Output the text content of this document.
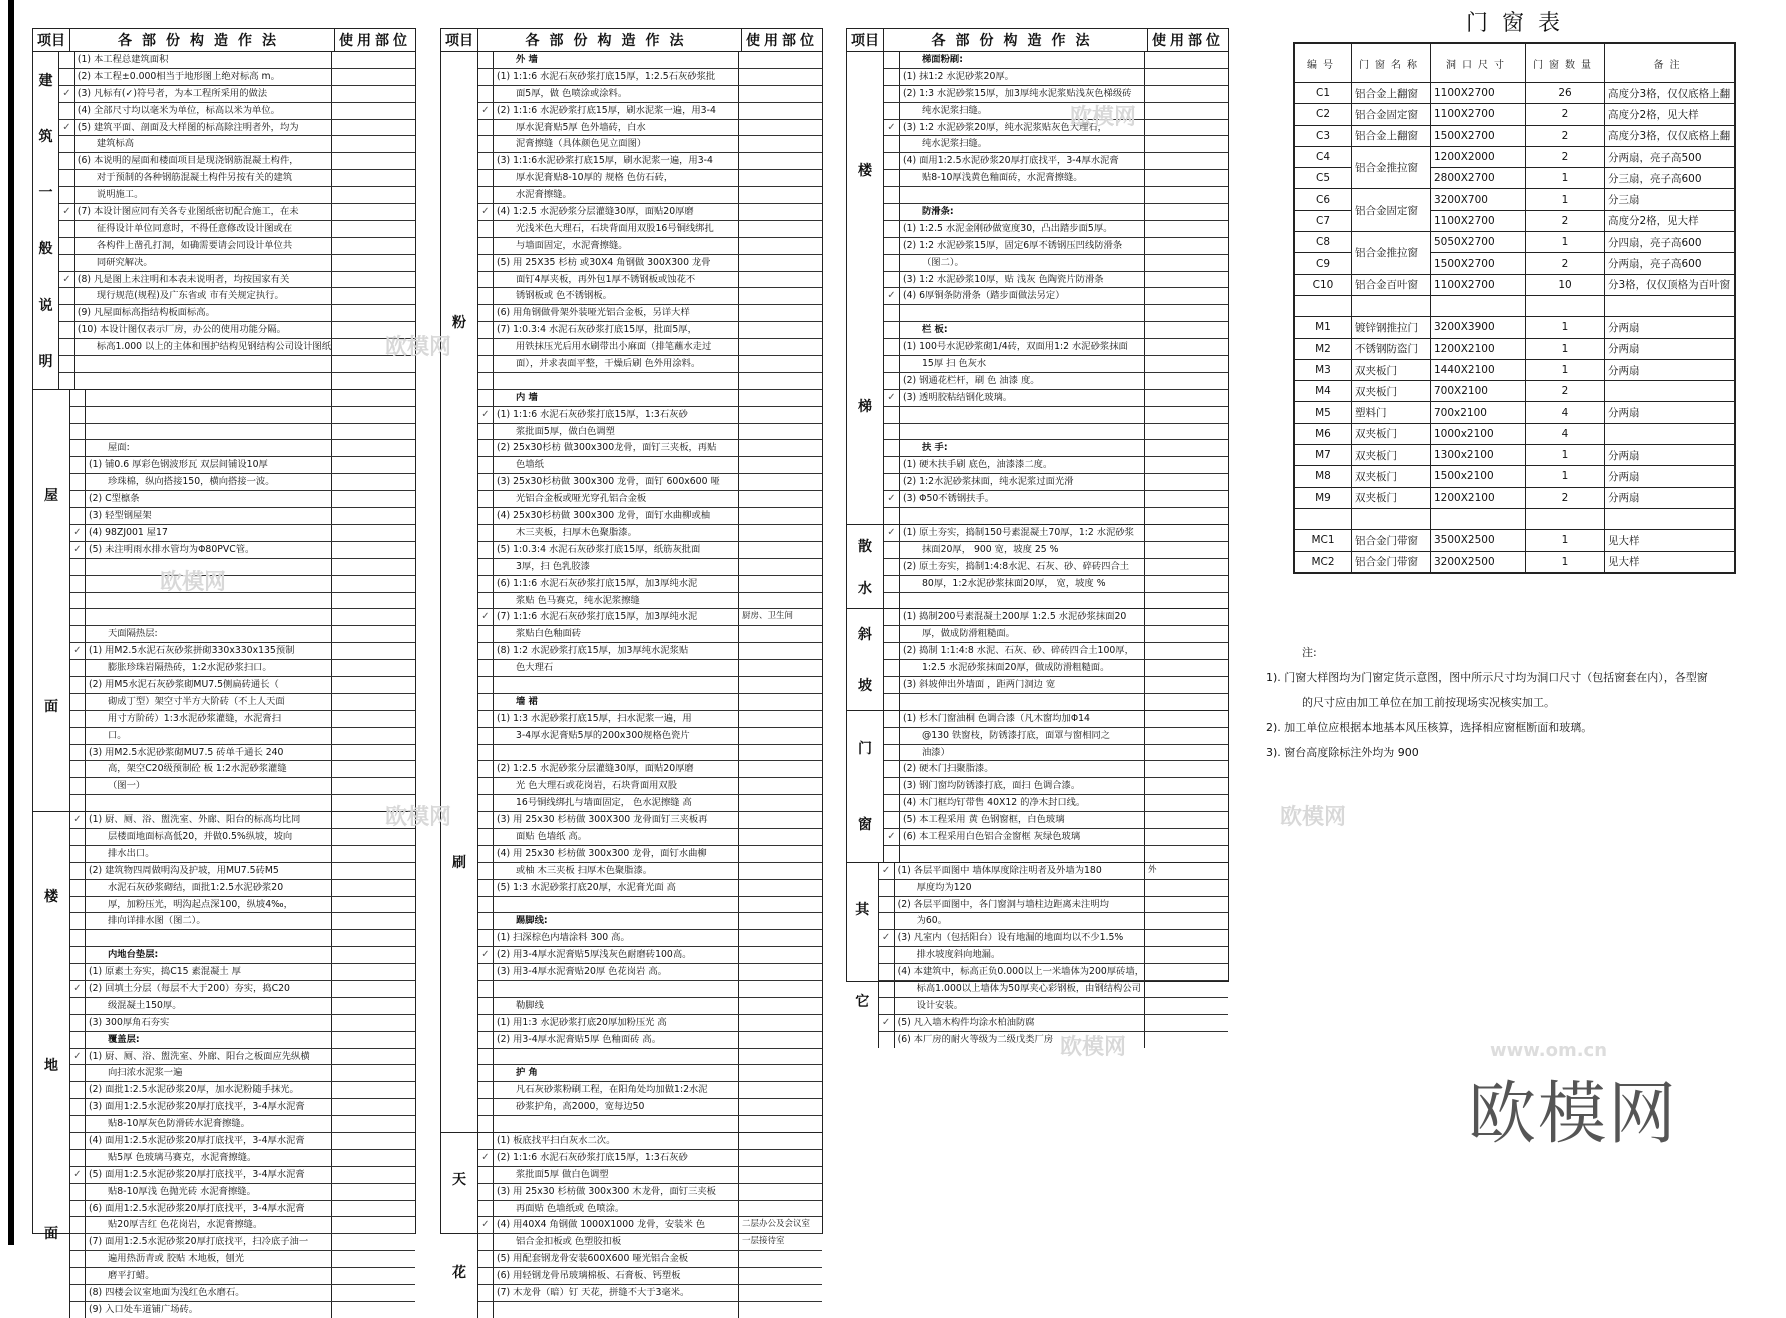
项目	各部份构造作法	使用部位
建
筑
一
般
说
明
(1) 本工程总建筑面积
(2) 本工程±0.000相当于地形图上绝对标高 m。
✓ (3) 凡标有(✓)符号者，为本工程所采用的做法
(4) 全部尺寸均以毫米为单位，标高以米为单位。
✓ (5) 建筑平面、剖面及大样图的标高除注明者外，均为
建筑标高
(6) 本说明的屋面和楼面项目是现浇钢筋混凝土构件，
对于预制的各种钢筋混凝土构件另按有关的建筑
说明施工。
✓ (7) 本设计图应同有关各专业图纸密切配合施工，在未
征得设计单位同意时，不得任意修改设计图或在
各构件上凿孔打洞，如确需要请会同设计单位共
同研究解决。
✓ (8) 凡是图上未注明和本表未说明者，均按国家有关
现行规范(规程)及广东省或 市有关规定执行。
(9) 凡屋面标高指结构板面标高。
(10) 本设计图仅表示厂房，办公的使用功能分隔。
标高1.000 以上的主体和围护结构见钢结构公司设计图纸
屋
面
屋面:
(1) 铺0.6 厚彩色钢波形瓦 双层间铺设10厚
珍珠棉，纵向搭接150，横向搭接一波。
(2) C型檩条
(3) 轻型钢屋架
✓ (4) 98ZJ001 屋17
✓ (5) 未注明雨水排水管均为Φ80PVC管。
天面隔热层:
✓ (1) 用M2.5水泥石灰砂浆拼砌330x330x135预制
膨胀珍珠岩隔热砖，1:2水泥砂浆扫口。
(2) 用M5水泥石灰砂浆砌MU7.5侧扁砖通长（
砌成丁型）架空寸半方大阶砖（不上人天面
用寸方阶砖）1:3水泥砂浆灌缝，水泥膏扫
口。
(3) 用M2.5水泥砂浆砌MU7.5 砖单千通长 240
高，架空C20级预制砼 板 1:2水泥砂浆灌缝
（图一）
楼
地
面
✓ (1) 厨、厕、浴、盥洗室、外廊、阳台的标高均比同
层楼面地面标高低20，并做0.5%纵坡，坡向
排水出口。
(2) 建筑物四周做明沟及护坡，用MU7.5砖M5
水泥石灰砂浆砌结，面批1:2.5水泥砂浆20
厚，加粉压光，明沟起点深100，纵坡4‰，
排向详排水图（图二）。
内地台垫层:
(1) 原素土夯实，捣C15 素混凝土 厚
✓ (2) 回填土分层（每层不大于200）夯实，捣C20
级混凝土150厚。
(3) 300厚角石夯实
覆盖层:
✓ (1) 厨、厕、浴、盥洗室、外廊、阳台之板面应先纵横
向扫浓水泥浆一遍
(2) 面批1:2.5水泥砂浆20厚，加水泥粉随手抹光。
(3) 面用1:2.5水泥砂浆20厚打底找平，3-4厚水泥膏
贴8-10厚灰色防滑砖水泥膏擦缝。
(4) 面用1:2.5水泥砂浆20厚打底找平，3-4厚水泥膏
贴5厚 色玻璃马赛克，水泥膏擦缝。
✓ (5) 面用1:2.5水泥砂浆20厚打底找平，3-4厚水泥膏
贴8-10厚浅 色抛光砖 水泥膏擦缝。
(6) 面用1:2.5水泥砂浆20厚打底找平，3-4厚水泥膏
贴20厚吉红 色花岗岩，水泥膏擦缝。
(7) 面用1:2.5水泥砂浆20厚打底找平，扫冷底子油一
遍用热沥青或 胶贴 木地板，刨光
磨平打蜡。
(8) 四楼会议室地面为浅红色水磨石。
(9) 入口处车道铺广场砖。
项目	各部份构造作法	使用部位
粉
刷
外 墙
(1) 1:1:6 水泥石灰砂浆打底15厚，1:2.5石灰砂浆批
面5厚，做 色喷涂或涂料。
✓ (2) 1:1:6 水泥砂浆打底15厚，刷水泥浆一遍，用3-4
厚水泥膏贴5厚 色外墙砖，白水
泥膏擦缝（具体颜色见立面图）
(3) 1:1:6水泥砂浆打底15厚，刷水泥浆一遍，用3-4
厚水泥膏贴8-10厚的 规格 色仿石砖，
水泥膏擦缝。
✓ (4) 1:2.5 水泥砂浆分层灌缝30厚，面贴20厚磨
光浅米色大理石，石块背面用双股16号铜线绑扎
与墙面固定，水泥膏擦缝。
(5) 用 25X35 杉枋 或30X4 角钢做 300X300 龙骨
面钉4厚夹板，再外包1厚不锈钢板或蚀花不
锈钢板或 色不锈钢板。
(6) 用角钢做骨架外装哑光铝合金板，另详大样
(7) 1:0.3:4 水泥石灰砂浆打底15厚，批面5厚，
用铁抹压光后用水刷带出小麻面（排笔蘸水走过
面），并求表面平整，干燥后刷 色外用涂料。
内 墙
✓ (1) 1:1:6 水泥石灰砂浆打底15厚，1:3石灰砂
浆批面5厚，做白色调塑
(2) 25x30杉枋 做300x300龙骨，面钉三夹板，再贴
色墙纸
(3) 25x30杉枋做 300x300 龙骨，面钉 600x600 哑
光铝合金板或哑光穿孔铝合金板
(4) 25x30杉枋做 300x300 龙骨，面钉水曲柳或柚
木三夹板，扫厚木色聚脂漆。
(5) 1:0.3:4 水泥石灰砂浆打底15厚，纸筋灰批面
3厚，扫 色乳胶漆
(6) 1:1:6 水泥石灰砂浆打底15厚，加3厚纯水泥
浆贴 色马赛克，纯水泥浆擦缝
✓ (7) 1:1:6 水泥石灰砂浆打底15厚，加3厚纯水泥	厨房、卫生间
浆贴白色釉面砖
(8) 1:2 水泥砂浆打底15厚，加3厚纯水泥浆贴
色大理石
墙 裙
(1) 1:3 水泥砂浆打底15厚，扫水泥浆一遍，用
3-4厚水泥膏贴5厚的200x300规格色瓷片
(2) 1:2.5 水泥砂浆分层灌缝30厚，面贴20厚磨
光 色大理石或花岗岩，石块背面用双股
16号铜线绑扎与墙面固定， 色水泥擦缝 高
(3) 用 25x30 杉枋做 300X300 龙骨面钉三夹板再
面贴 色墙纸 高。
(4) 用 25x30 杉枋做 300x300 龙骨，面钉水曲柳
或柚 木三夹板 扫厚木色聚脂漆。
(5) 1:3 水泥砂浆打底20厚，水泥膏光面 高
踢脚线:
(1) 扫深棕色内墙涂料 300 高。
✓ (2) 用3-4厚水泥膏贴5厚浅灰色耐磨砖100高。
(3) 用3-4厚水泥膏贴20厚 色花岗岩 高。
勒脚线
(1) 用1:3 水泥砂浆打底20厚加粉压光 高
(2) 用3-4厚水泥膏贴5厚 色釉面砖 高。
护 角
凡石灰砂浆粉刷工程，在阳角处均加做1:2水泥
砂浆护角，高2000，宽每边50
天
花
(1) 板底找平扫白灰水二次。
✓ (2) 1:1:6 水泥石灰砂浆打底15厚，1:3石灰砂
浆批面5厚 做白色调塑
(3) 用 25x30 杉枋做 300x300 木龙骨，面钉三夹板
再面贴 色墙纸或 色喷涂。
✓ (4) 用40X4 角钢做 1000X1000 龙骨，安装米 色	二层办公及会议室
铝合金扣板或 色塑胶扣板	一层接待室
(5) 用配套钢龙骨安装600X600 哑光铝合金板
(6) 用轻钢龙骨吊玻璃棉板、石膏板、钙塑板
(7) 木龙骨（暗）钉 天花，拼缝不大于3毫米。
项目	各部份构造作法	使用部位
楼
梯
梯面粉刷:
(1) 抹1:2 水泥砂浆20厚。
(2) 1:3 水泥砂浆15厚，加3厚纯水泥浆贴浅灰色梯级砖
纯水泥浆扫缝。
✓ (3) 1:2 水泥砂浆20厚，纯水泥浆贴灰色大理石，
纯水泥浆扫缝。
(4) 面用1:2.5水泥砂浆20厚打底找平，3-4厚水泥膏
贴8-10厚浅黄色釉面砖，水泥膏擦缝。
防滑条:
(1) 1:2.5 水泥金刚砂做宽度30，凸出踏步面5厚。
(2) 1:2 水泥砂浆15厚，固定6厚不锈钢压凹线防滑条
（图二）。
(3) 1:2 水泥砂浆10厚，贴 浅灰 色陶瓷片防滑条
✓ (4) 6厚铜条防滑条（踏步面做法另定）
栏 板:
(1) 100号水泥砂浆砌1/4砖，双面用1:2 水泥砂浆抹面
15厚 扫 色灰水
(2) 钢通花栏杆，刷 色 油漆 度。
✓ (3) 透明胶粘结钢化玻璃。
扶 手:
(1) 硬木扶手刷 底色，油漆漆二度。
(2) 1:2水泥砂浆抹面，纯水泥浆过面光滑
✓ (3) Φ50不锈钢扶手。
散
水
✓ (1) 原土夯实，捣制150号素混凝土70厚，1:2 水泥砂浆
抹面20厚， 900 宽，坡度 25 %
(2) 原土夯实，捣制1:4:8水泥、石灰、砂、碎砖四合土
80厚，1:2水泥砂浆抹面20厚， 宽，坡度 %
斜
坡
(1) 捣制200号素混凝土200厚 1:2.5 水泥砂浆抹面20
厚，做成防滑粗糙面。
(2) 捣制 1:1:4:8 水泥、石灰、砂、碎砖四合土100厚，
1:2.5 水泥砂浆抹面20厚，做成防滑粗糙面。
(3) 斜坡伸出外墙面 ，距两门洞边 宽
门
窗
(1) 杉木门窗油桐 色调合漆（凡木窗均加Φ14
@130 铁窗枝，防锈漆打底，面罩与窗相同之
油漆）
(2) 硬木门扫聚脂漆。
(3) 钢门窗均防锈漆打底，面扫 色调合漆。
(4) 木门框均钉带售 40X12 的净木封口线。
(5) 本工程采用 黄 色钢窗框，白色玻璃
✓ (6) 本工程采用白色铝合金窗框 灰绿色玻璃
其
它
✓ (1) 各层平面图中 墙体厚度除注明者及外墙为180	外
厚度均为120
(2) 各层平面图中，各门窗洞与墙柱边距离未注明均
为60。
✓ (3) 凡室内（包括阳台）设有地漏的地面均以不少1.5%
排水坡度斜向地漏。
(4) 本建筑中，标高正负0.000以上一米墙体为200厚砖墙，
标高1.000以上墙体为50厚夹心彩钢板，由钢结构公司
设计安装。
✓ (5) 凡入墙木构件均涂水柏油防腐
(6) 本厂房的耐火等级为二级戊类厂房
门窗表
编号	门窗名称	洞口尺寸	门窗数量	备注
C1	铝合金上翻窗	1100X2700	26	高度分3格，仅仅底格上翻
C2	铝合金固定窗	1100X2700	2	高度分2格，见大样
C3	铝合金上翻窗	1500X2700	2	高度分3格，仅仅底格上翻
C4	铝合金推拉窗	1200X2000	2	分两扇，亮子高500
C5		2800X2700	1	分三扇，亮子高600
C6	铝合金固定窗	3200X700	1	分三扇
C7		1100X2700	2	高度分2格，见大样
C8	铝合金推拉窗	5050X2700	1	分四扇，亮子高600
C9		1500X2700	2	分两扇，亮子高600
C10	铝合金百叶窗	1100X2700	10	分3格，仅仅顶格为百叶窗

M1	镀锌钢推拉门	3200X3900	1	分两扇
M2	不锈钢防盗门	1200X2100	1	分两扇
M3	双夹板门	1440X2100	1	分两扇
M4	双夹板门	700X2100	2	
M5	塑料门	700x2100	4	分两扇
M6	双夹板门	1000x2100	4	
M7	双夹板门	1300x2100	1	分两扇
M8	双夹板门	1500x2100	1	分两扇
M9	双夹板门	1200X2100	2	分两扇

MC1	铝合金门带窗	3500X2500	1	见大样
MC2	铝合金门带窗	3200X2500	1	见大样
注:
1). 门窗大样图均为门窗定货示意图，图中所示尺寸均为洞口尺寸（包括窗套在内），各型窗
的尺寸应由加工单位在加工前按现场实况核实加工。
2). 加工单位应根据本地基本风压核算，选择相应窗框断面和玻璃。
3). 窗台高度除标注外均为 900
欧模网
欧模网
欧模网
欧模网
欧模网	欧模网
www.om.cn
欧模网
